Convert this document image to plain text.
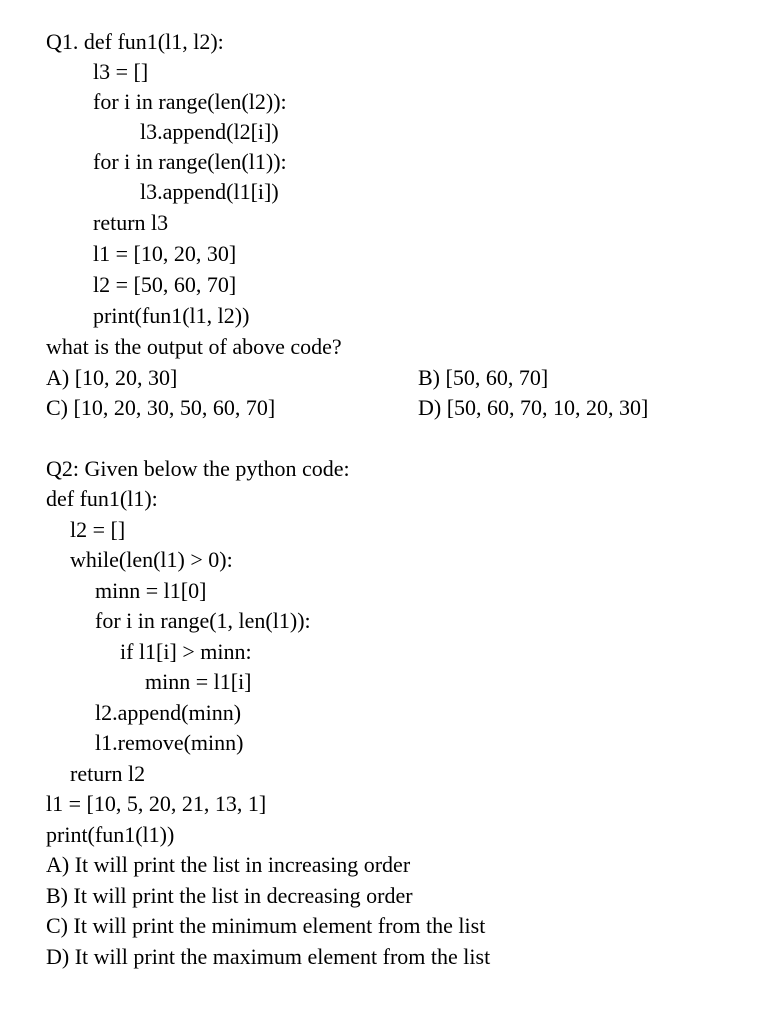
Q1. def fun1(l1, l2):
l3 = []
for i in range(len(l2)):
l3.append(l2[i])
for i in range(len(l1)):
l3.append(l1[i])
return l3
l1 = [10, 20, 30]
l2 = [50, 60, 70]
print(fun1(l1, l2))
what is the output of above code?
A) [10, 20, 30]	B) [50, 60, 70]
C) [10, 20, 30, 50, 60, 70]	D) [50, 60, 70, 10, 20, 30]
Q2: Given below the python code:
def fun1(l1):
l2 = []
while(len(l1) > 0):
minn = l1[0]
for i in range(1, len(l1)):
if l1[i] > minn:
minn = l1[i]
l2.append(minn)
l1.remove(minn)
return l2
l1 = [10, 5, 20, 21, 13, 1]
print(fun1(l1))
A) It will print the list in increasing order
B) It will print the list in decreasing order
C) It will print the minimum element from the list
D) It will print the maximum element from the list
